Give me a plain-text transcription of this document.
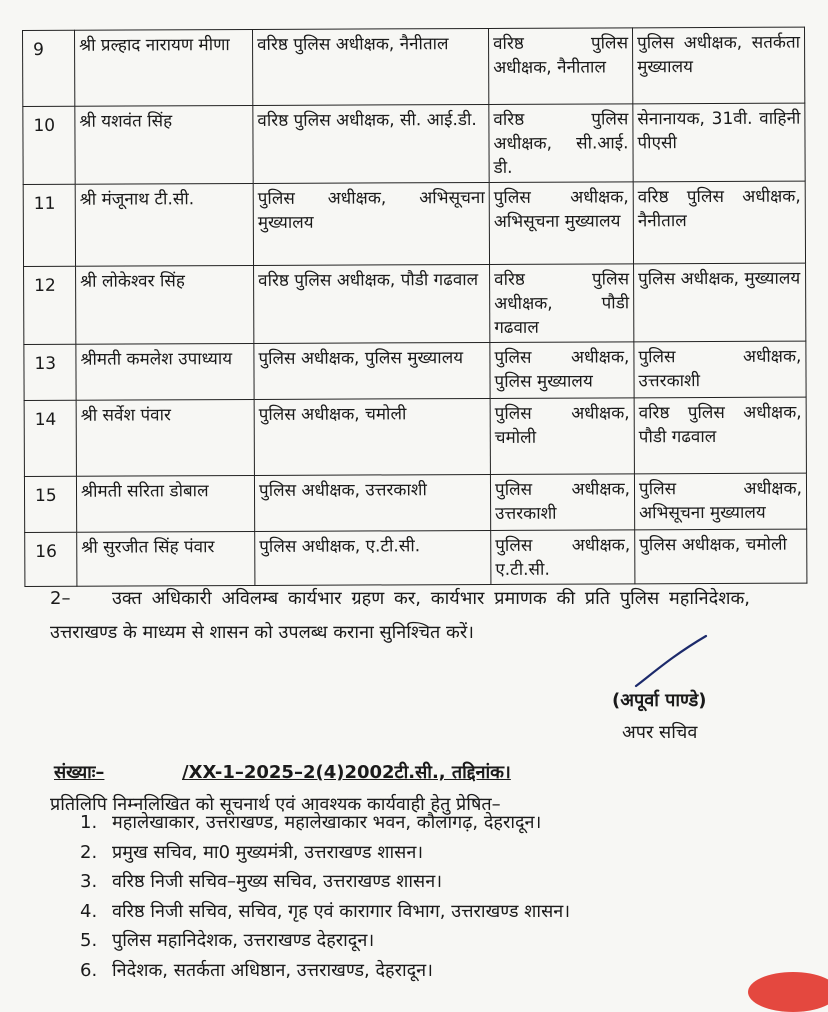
9	श्री प्रल्हाद नारायण मीणा	वरिष्ठ पुलिस अधीक्षक, नैनीताल	वरिष्ठ पुलिस अधीक्षक, नैनीताल	पुलिस अधीक्षक, सतर्कता मुख्यालय
10	श्री यशवंत सिंह	वरिष्ठ पुलिस अधीक्षक, सी. आई.डी.	वरिष्ठ पुलिस अधीक्षक, सी.आई. डी.	सेनानायक, 31वी. वाहिनी पीएसी
11	श्री मंजूनाथ टी.सी.	पुलिस अधीक्षक, अभिसूचना मुख्यालय	पुलिस अधीक्षक, अभिसूचना मुख्यालय	वरिष्ठ पुलिस अधीक्षक, नैनीताल
12	श्री लोकेश्वर सिंह	वरिष्ठ पुलिस अधीक्षक, पौडी गढवाल	वरिष्ठ पुलिस अधीक्षक, पौडी गढवाल	पुलिस अधीक्षक, मुख्यालय
13	श्रीमती कमलेश उपाध्याय	पुलिस अधीक्षक, पुलिस मुख्यालय	पुलिस अधीक्षक, पुलिस मुख्यालय	पुलिस अधीक्षक, उत्तरकाशी
14	श्री सर्वेश पंवार	पुलिस अधीक्षक, चमोली	पुलिस अधीक्षक, चमोली	वरिष्ठ पुलिस अधीक्षक, पौडी गढवाल
15	श्रीमती सरिता डोबाल	पुलिस अधीक्षक, उत्तरकाशी	पुलिस अधीक्षक, उत्तरकाशी	पुलिस अधीक्षक, अभिसूचना मुख्यालय
16	श्री सुरजीत सिंह पंवार	पुलिस अधीक्षक, ए.टी.सी.	पुलिस अधीक्षक, ए.टी.सी.	पुलिस अधीक्षक, चमोली
2– उक्त अधिकारी अविलम्ब कार्यभार ग्रहण कर, कार्यभार प्रमाणक की प्रति पुलिस महानिदेशक, उत्तराखण्ड के माध्यम से शासन को उपलब्ध कराना सुनिश्चित करें।
(अपूर्वा पाण्डे)
अपर सचिव
संख्याः–	/XX-1–2025–2(4)2002टी.सी., तद्दिनांक।
प्रतिलिपि निम्नलिखित को सूचनार्थ एवं आवश्यक कार्यवाही हेतु प्रेषित–
1. महालेखाकार, उत्तराखण्ड, महालेखाकार भवन, कौलागढ़, देहरादून।
2. प्रमुख सचिव, मा0 मुख्यमंत्री, उत्तराखण्ड शासन।
3. वरिष्ठ निजी सचिव–मुख्य सचिव, उत्तराखण्ड शासन।
4. वरिष्ठ निजी सचिव, सचिव, गृह एवं कारागार विभाग, उत्तराखण्ड शासन।
5. पुलिस महानिदेशक, उत्तराखण्ड देहरादून।
6. निदेशक, सतर्कता अधिष्ठान, उत्तराखण्ड, देहरादून।
